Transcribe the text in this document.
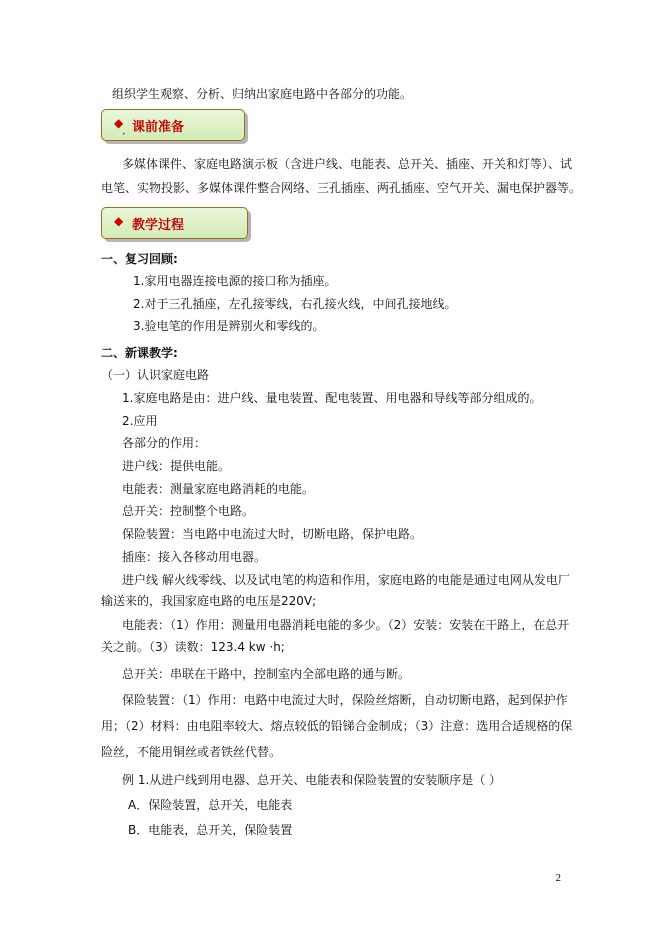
组织学生观察、分析、归纳出家庭电路中各部分的功能。
◆ 课前准备
•
多媒体课件、家庭电路演示板（含进户线、电能表、总开关、插座、开关和灯等）、试
电笔、实物投影、多媒体课件整合网络、三孔插座、两孔插座、空气开关、漏电保护器等。
◆ 教学过程
一、复习回顾:
1.家用电器连接电源的接口称为插座。
2.对于三孔插座，左孔接零线，右孔接火线，中间孔接地线。
3.验电笔的作用是辨别火和零线的。
二、新课教学:
（一）认识家庭电路
1.家庭电路是由：进户线、量电装置、配电装置、用电器和导线等部分组成的。
2.应用
各部分的作用：
进户线：提供电能。
电能表：测量家庭电路消耗的电能。
总开关：控制整个电路。
保险装置：当电路中电流过大时，切断电路，保护电路。
插座：接入各移动用电器。
进户线 解火线零线、以及试电笔的构造和作用，家庭电路的电能是通过电网从发电厂
输送来的，我国家庭电路的电压是220V;
电能表：（1）作用：测量用电器消耗电能的多少。（2）安装：安装在干路上，在总开
关之前。（3）读数：123.4 kw ·h;
总开关：串联在干路中，控制室内全部电路的通与断。
保险装置：（1）作用：电路中电流过大时，保险丝熔断，自动切断电路，起到保护作
用；（2）材料：由电阻率较大、熔点较低的铅锑合金制成；（3）注意：选用合适规格的保
险丝，不能用铜丝或者铁丝代替。
例 1.从进户线到用电器、总开关、电能表和保险装置的安装顺序是（ ）
A．保险装置，总开关，电能表
B．电能表，总开关，保险装置
2
